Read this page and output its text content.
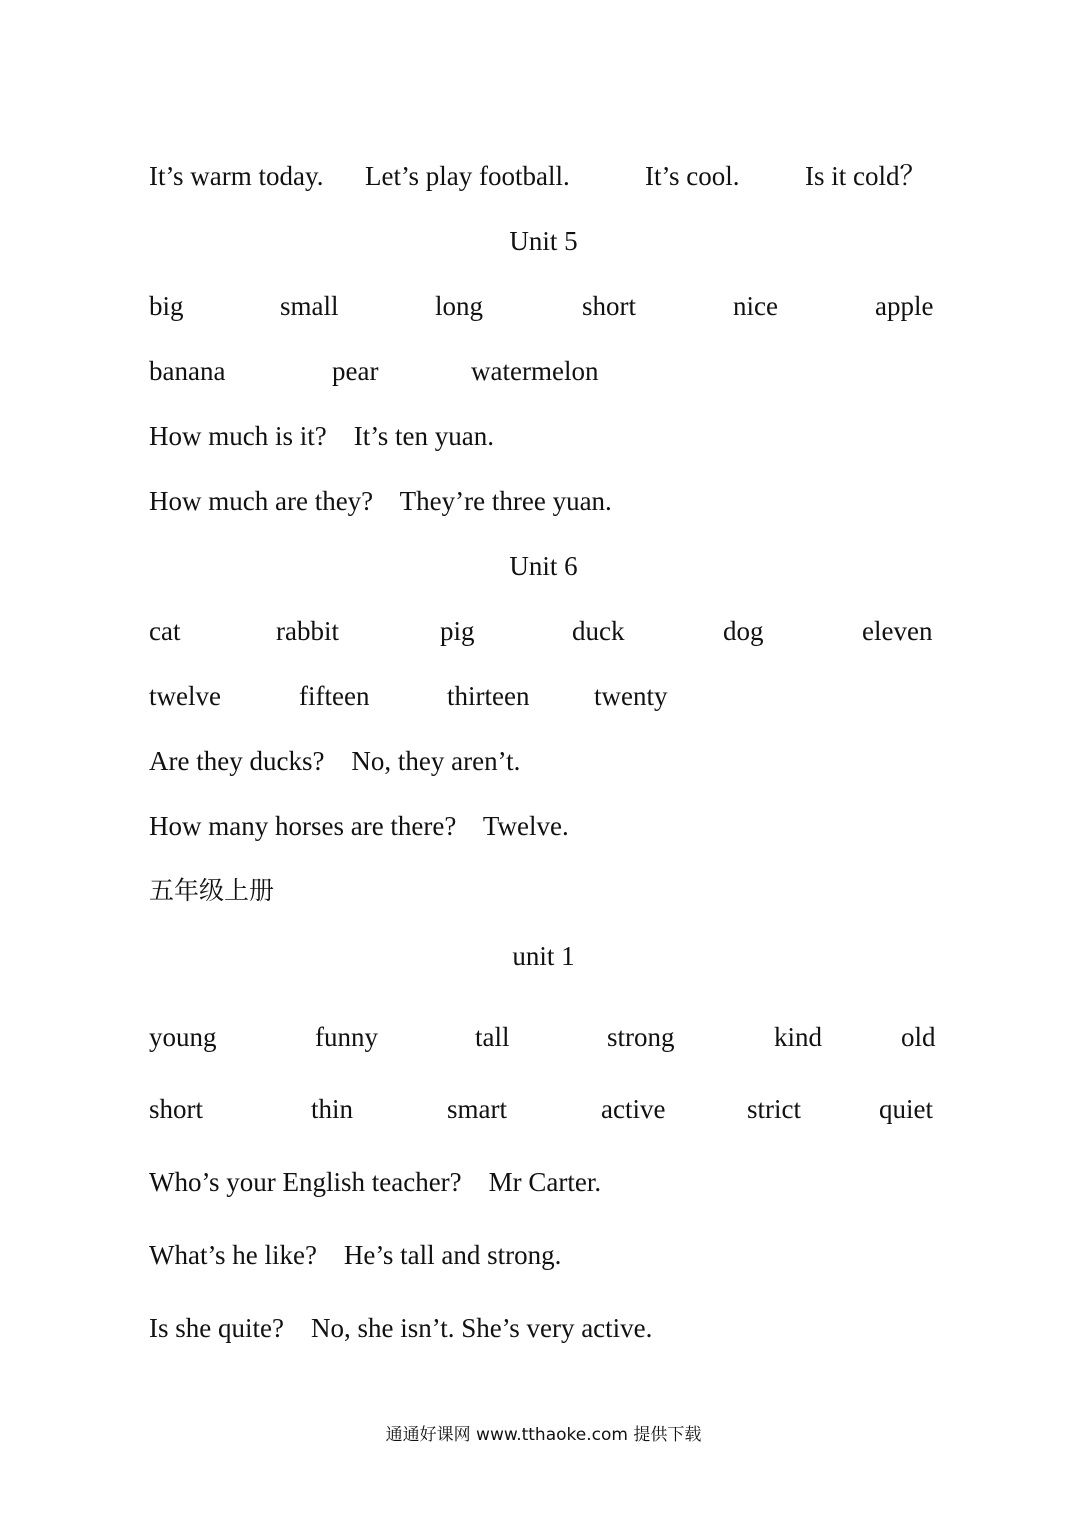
It’s warm today. Let’s play football.	It’s cool. Is it cold？
Unit 5
big	small	long	short	nice	apple
banana	pear	watermelon
How much is it?    It’s ten yuan.
How much are they?    They’re three yuan.
Unit 6
cat	rabbit	pig	duck	dog	eleven
twelve	fifteen	thirteen twenty
Are they ducks?    No, they aren’t.
How many horses are there?    Twelve.
五年级上册
unit 1
young	funny	tall	strong	kind	old
short	thin	smart	active	strict	quiet
Who’s your English teacher?    Mr Carter.
What’s he like?    He’s tall and strong.
Is she quite?    No, she isn’t. She’s very active.
通通好课网 www.tthaoke.com 提供下载
